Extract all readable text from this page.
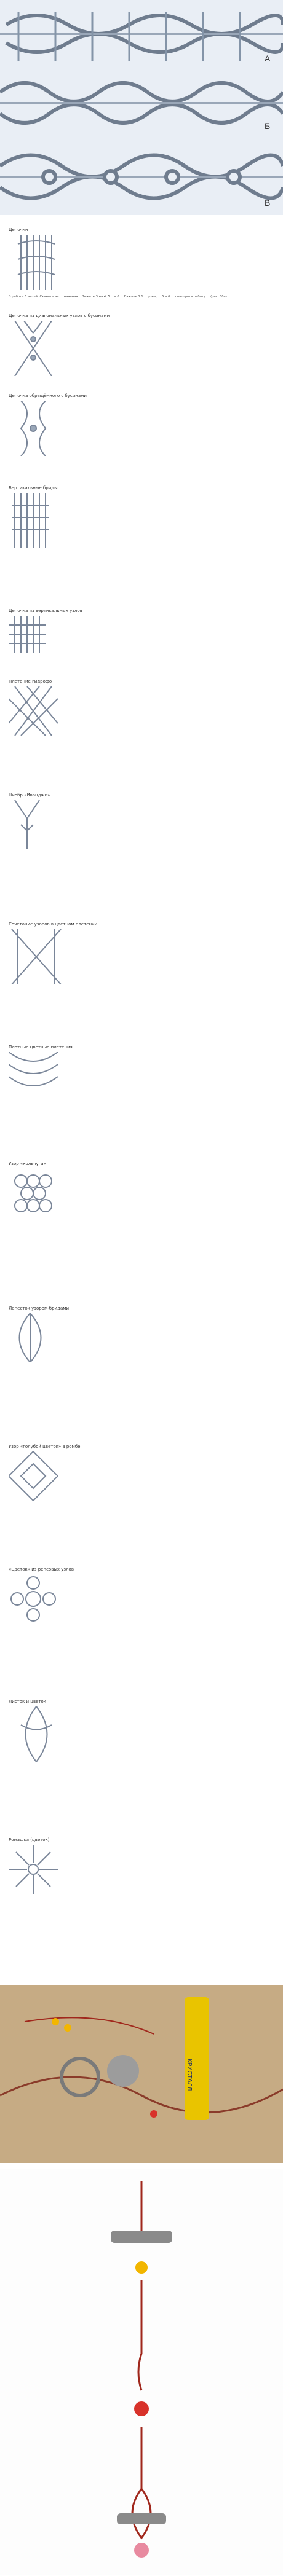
А
Б
В
Цепочки
В работе 6 нитей. Скиньте на ... начиная... Вяжите 3 на 4, 5... и 6 ... Вяжите 1 1 ... узел, ... 5 и 6 ... повторить работу ... (рис. 30а).
Цепочка из диагональных узлов с бусинами
Цепочка обращённого с бусинами
Вертикальные бриды
Цепочка из вертикальных узлов
Плетение гидрофо
Ниобр «Иванджи»
Сочетание узоров в цветном плетении
Плотные цветные плетения
Узор «кольчуга»
Лепесток узором-бридами
Узор «голубой цветок» в ромбе
«Цветок» из репсовых узлов
Листок и цветок
Ромашка (цветок)
КРИСТАЛЛ
